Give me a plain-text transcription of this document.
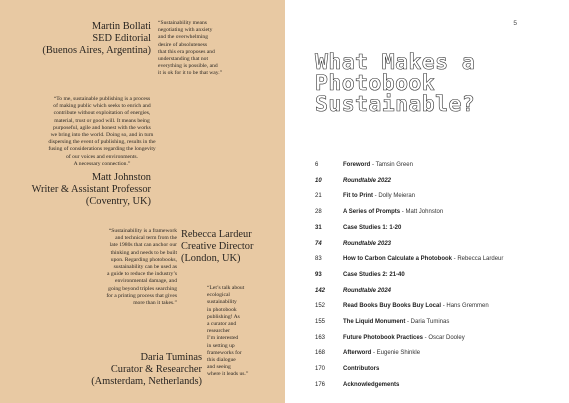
Martin Bollati
SED Editorial
(Buenos Aires, Argentina)
“Sustainability means
negotiating with anxiety
and the overwhelming
desire of absoluteness
that this era proposes and
understanding that not
everything is possible, and
it is ok for it to be that way.”
“To me, sustainable publishing is a process
of making public which seeks to enrich and
contribute without exploitation of energies,
material, trust or good will. It means being
purposeful, agile and honest with the works
we bring into the world. Doing so, and in turn
dispersing the event of publishing, results in the
fusing of considerations regarding the longevity
of our voices and environments.
A necessary connection.”
Matt Johnston
Writer & Assistant Professor
(Coventry, UK)
“Sustainability is a framework
and technical term from the
late 1980s that can anchor our
thinking and needs to be built
upon. Regarding photobooks,
sustainability can be used as
a guide to reduce the industry’s
environmental damage, and
going beyond triples searching
for a printing process that gives
more than it takes.”
Rebecca Lardeur
Creative Director
(London, UK)
“Let’s talk about
ecological
sustainability
in photobook
publishing! As
a curator and
researcher
I’m interested
in setting up
frameworks for
this dialogue
and seeing
where it leads us.”
Daria Tuminas
Curator & Researcher
(Amsterdam, Netherlands)
5
What Makes a
Photobook
Sustainable?
6	Foreword - Tamsin Green
10	Roundtable 2022
21	Fit to Print - Dolly Meieran
28	A Series of Prompts - Matt Johnston
31	Case Studies 1: 1-20
74	Roundtable 2023
83	How to Carbon Calculate a Photobook - Rebecca Lardeur
93	Case Studies 2: 21-40
142	Roundtable 2024
152	Read Books Buy Books Buy Local - Hans Gremmen
155	The Liquid Monument - Daria Tuminas
163	Future Photobook Practices - Oscar Dooley
168	Afterword - Eugenie Shinkle
170	Contributors
176	Acknowledgements
